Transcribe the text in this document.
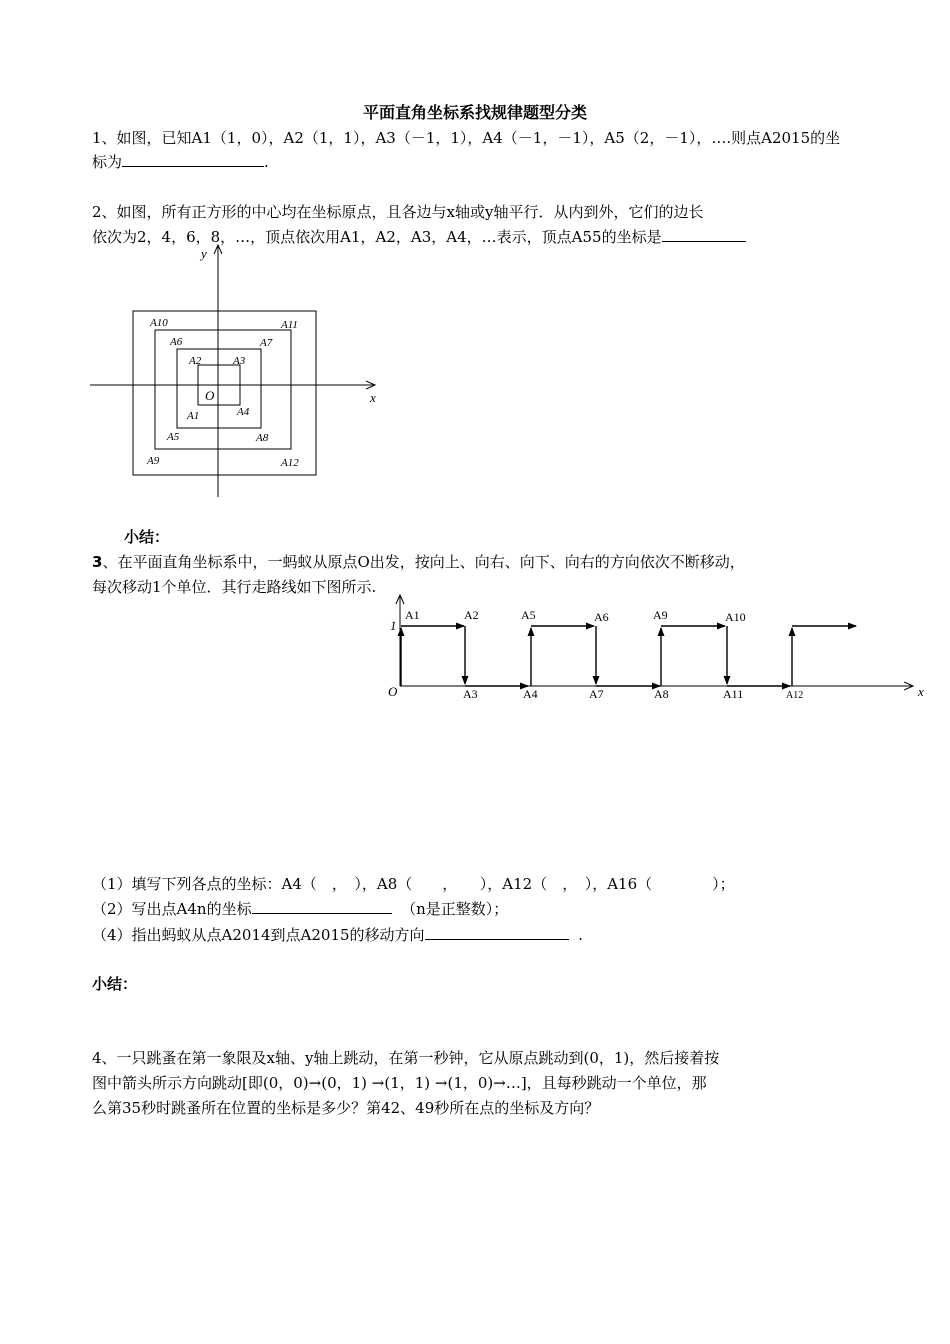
平面直角坐标系找规律题型分类

1、如图，已知A1（1，0），A2（1，1），A3（－1，1），A4（－1，－1），A5（2，－1），….则点A2015的坐

标为	.

2、如图，所有正方形的中心均在坐标原点，且各边与x轴或y轴平行．从内到外，它们的边长

依次为2，4，6，8，…，顶点依次用A1，A2，A3，A4，…表示，顶点A55的坐标是

x
y
O
A1
A2	A3
A4
A5
A6	A7
A8
A9
A10	A11
A12

小结：

3、在平面直角坐标系中，一蚂蚁从原点O出发，按向上、向右、向下、向右的方向依次不断移动，

每次移动1个单位．其行走路线如下图所示.

O
1
x
A1	A2
A3	A4
A5	A6
A7	A8
A9	A10
A11	A12

（1）填写下列各点的坐标：A4（　，　），A8（　　，　　），A12（　，　），A16（　　　　）；

（2）写出点A4n的坐标	（n是正整数）；

（4）指出蚂蚁从点A2014到点A2015的移动方向	.

小结：

4、一只跳蚤在第一象限及x轴、y轴上跳动，在第一秒钟，它从原点跳动到(0，1)，然后接着按

图中箭头所示方向跳动[即(0，0)→(0，1) →(1，1) →(1，0)→…]，且每秒跳动一个单位，那

么第35秒时跳蚤所在位置的坐标是多少？第42、49秒所在点的坐标及方向？
